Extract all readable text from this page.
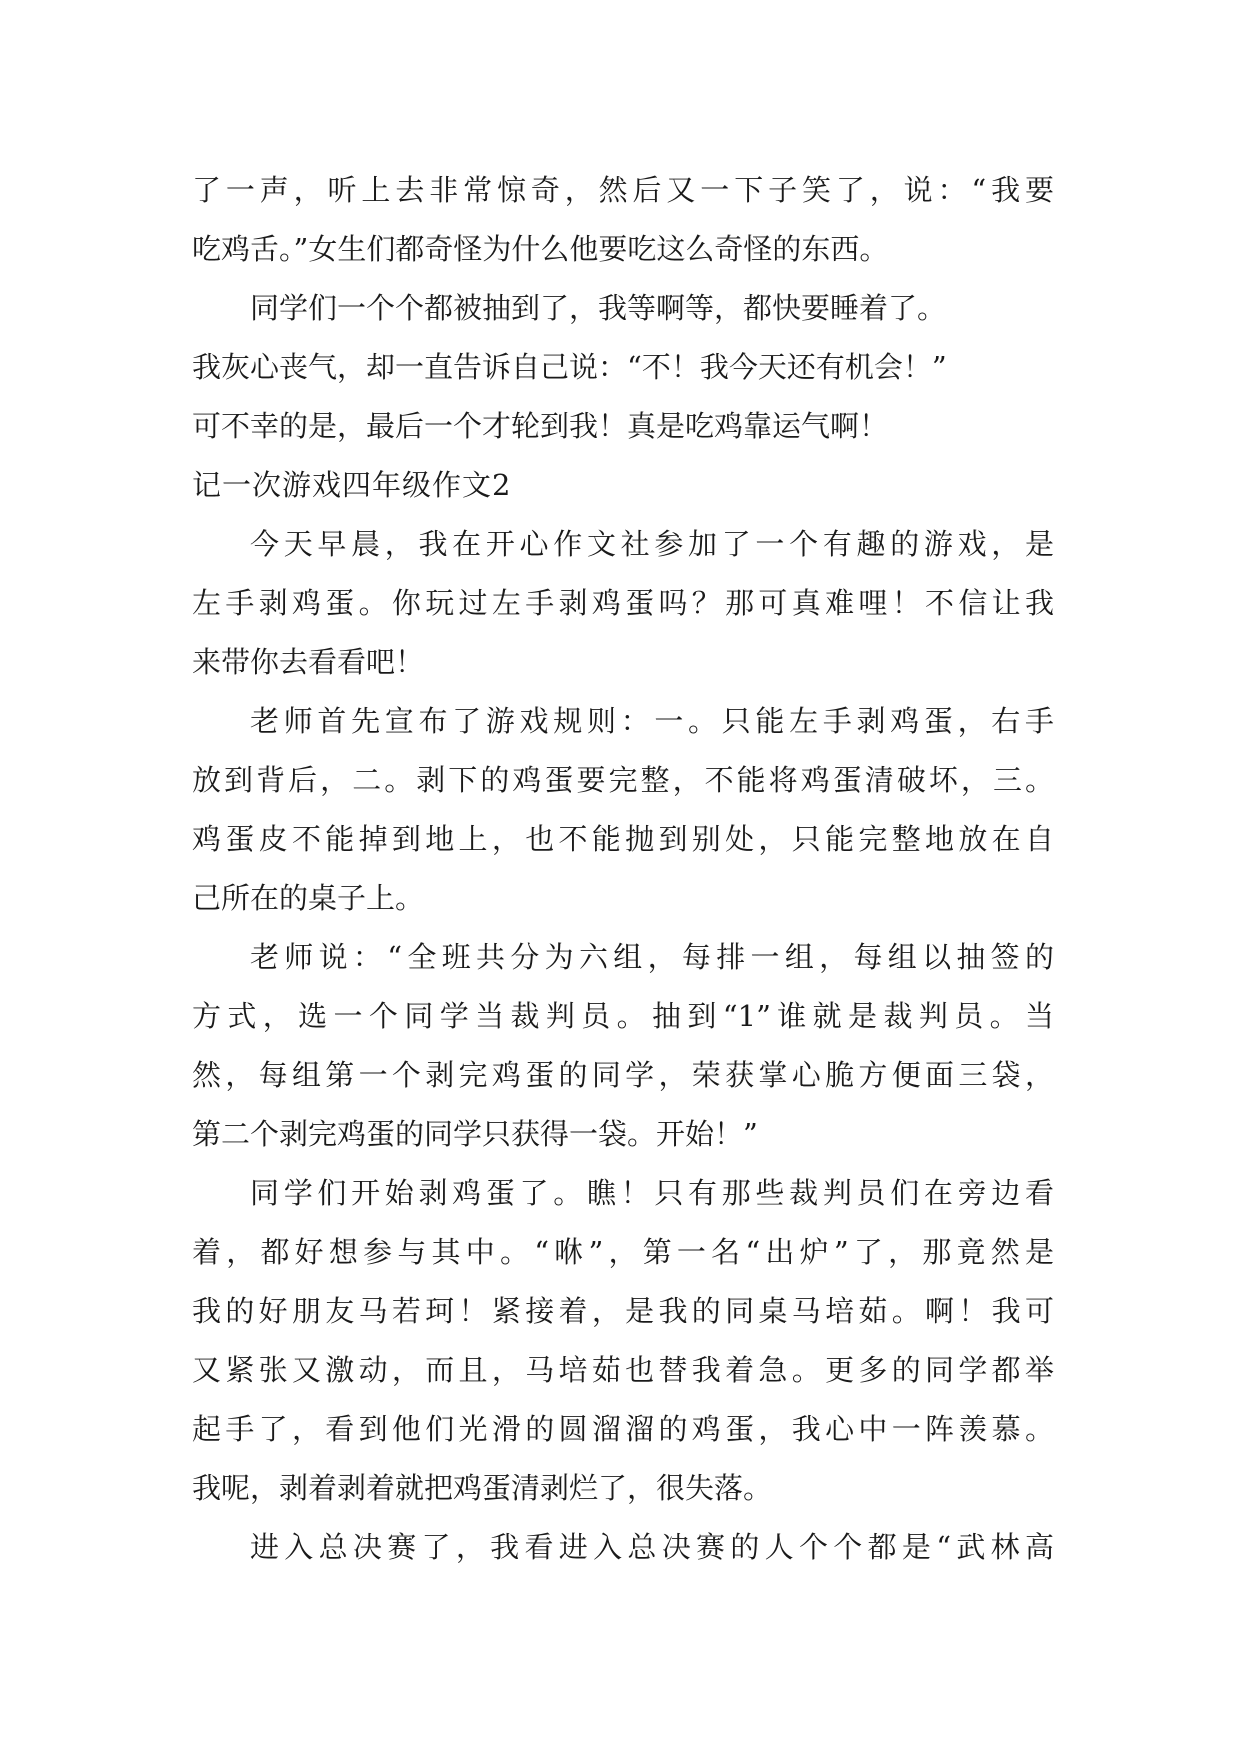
了一声，听上去非常惊奇，然后又一下子笑了，说：“我要
吃鸡舌。”女生们都奇怪为什么他要吃这么奇怪的东西。
同学们一个个都被抽到了，我等啊等，都快要睡着了。
我灰心丧气，却一直告诉自己说：“不！我今天还有机会！”
可不幸的是，最后一个才轮到我！真是吃鸡靠运气啊！
记一次游戏四年级作文2
今天早晨，我在开心作文社参加了一个有趣的游戏，是
左手剥鸡蛋。你玩过左手剥鸡蛋吗？那可真难哩！不信让我
来带你去看看吧！
老师首先宣布了游戏规则：一。只能左手剥鸡蛋，右手
放到背后，二。剥下的鸡蛋要完整，不能将鸡蛋清破坏，三。
鸡蛋皮不能掉到地上，也不能抛到别处，只能完整地放在自
己所在的桌子上。
老师说：“全班共分为六组，每排一组，每组以抽签的
方式，选一个同学当裁判员。抽到“1”谁就是裁判员。当
然，每组第一个剥完鸡蛋的同学，荣获掌心脆方便面三袋，
第二个剥完鸡蛋的同学只获得一袋。开始！”
同学们开始剥鸡蛋了。瞧！只有那些裁判员们在旁边看
着，都好想参与其中。“咻”，第一名“出炉”了，那竟然是
我的好朋友马若珂！紧接着，是我的同桌马培茹。啊！我可
又紧张又激动，而且，马培茹也替我着急。更多的同学都举
起手了，看到他们光滑的圆溜溜的鸡蛋，我心中一阵羡慕。
我呢，剥着剥着就把鸡蛋清剥烂了，很失落。
进入总决赛了，我看进入总决赛的人个个都是“武林高
